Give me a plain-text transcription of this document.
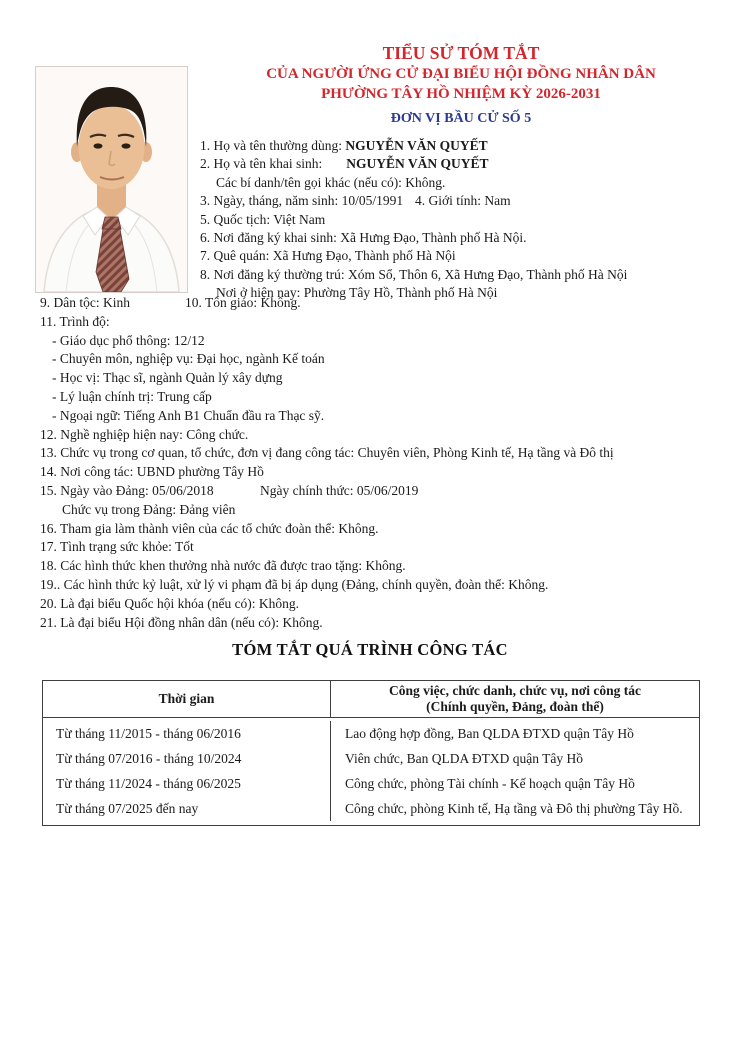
TIỂU SỬ TÓM TẮT
CỦA NGƯỜI ỨNG CỬ ĐẠI BIỂU HỘI ĐỒNG NHÂN DÂN
PHƯỜNG TÂY HỒ NHIỆM KỲ 2026-2031
ĐƠN VỊ BẦU CỬ SỐ 5
1. Họ và tên thường dùng: NGUYỄN VĂN QUYẾT
2. Họ và tên khai sinh: NGUYỄN VĂN QUYẾT
Các bí danh/tên gọi khác (nếu có): Không.
3. Ngày, tháng, năm sinh: 10/05/1991 4. Giới tính: Nam
5. Quốc tịch: Việt Nam
6. Nơi đăng ký khai sinh: Xã Hưng Đạo, Thành phố Hà Nội.
7. Quê quán: Xã Hưng Đạo, Thành phố Hà Nội
8. Nơi đăng ký thường trú: Xóm Sổ, Thôn 6, Xã Hưng Đạo, Thành phố Hà Nội
Nơi ở hiện nay: Phường Tây Hồ, Thành phố Hà Nội
9. Dân tộc: Kinh	10. Tôn giáo: Không.
11. Trình độ:
- Giáo dục phổ thông: 12/12
- Chuyên môn, nghiệp vụ: Đại học, ngành Kế toán
- Học vị: Thạc sĩ, ngành Quản lý xây dựng
- Lý luận chính trị: Trung cấp
- Ngoại ngữ: Tiếng Anh B1 Chuẩn đầu ra Thạc sỹ.
12. Nghề nghiệp hiện nay: Công chức.
13. Chức vụ trong cơ quan, tổ chức, đơn vị đang công tác: Chuyên viên, Phòng Kinh tế, Hạ tầng và Đô thị
14. Nơi công tác: UBND phường Tây Hồ
15. Ngày vào Đảng: 05/06/2018	Ngày chính thức: 05/06/2019
Chức vụ trong Đảng: Đảng viên
16. Tham gia làm thành viên của các tổ chức đoàn thể: Không.
17. Tình trạng sức khỏe: Tốt
18. Các hình thức khen thưởng nhà nước đã được trao tặng: Không.
19.. Các hình thức kỷ luật, xử lý vi phạm đã bị áp dụng (Đảng, chính quyền, đoàn thể: Không.
20. Là đại biểu Quốc hội khóa (nếu có): Không.
21. Là đại biểu Hội đồng nhân dân (nếu có): Không.
TÓM TẮT QUÁ TRÌNH CÔNG TÁC
Thời gian
Công việc, chức danh, chức vụ, nơi công tác
(Chính quyền, Đảng, đoàn thể)
Từ tháng 11/2015 - tháng 06/2016	Lao động hợp đồng, Ban QLDA ĐTXD quận Tây Hồ
Từ tháng 07/2016 - tháng 10/2024	Viên chức, Ban QLDA ĐTXD quận Tây Hồ
Từ tháng 11/2024 - tháng 06/2025	Công chức, phòng Tài chính - Kế hoạch quận Tây Hồ
Từ tháng 07/2025 đến nay	Công chức, phòng Kinh tế, Hạ tầng và Đô thị phường Tây Hồ.
